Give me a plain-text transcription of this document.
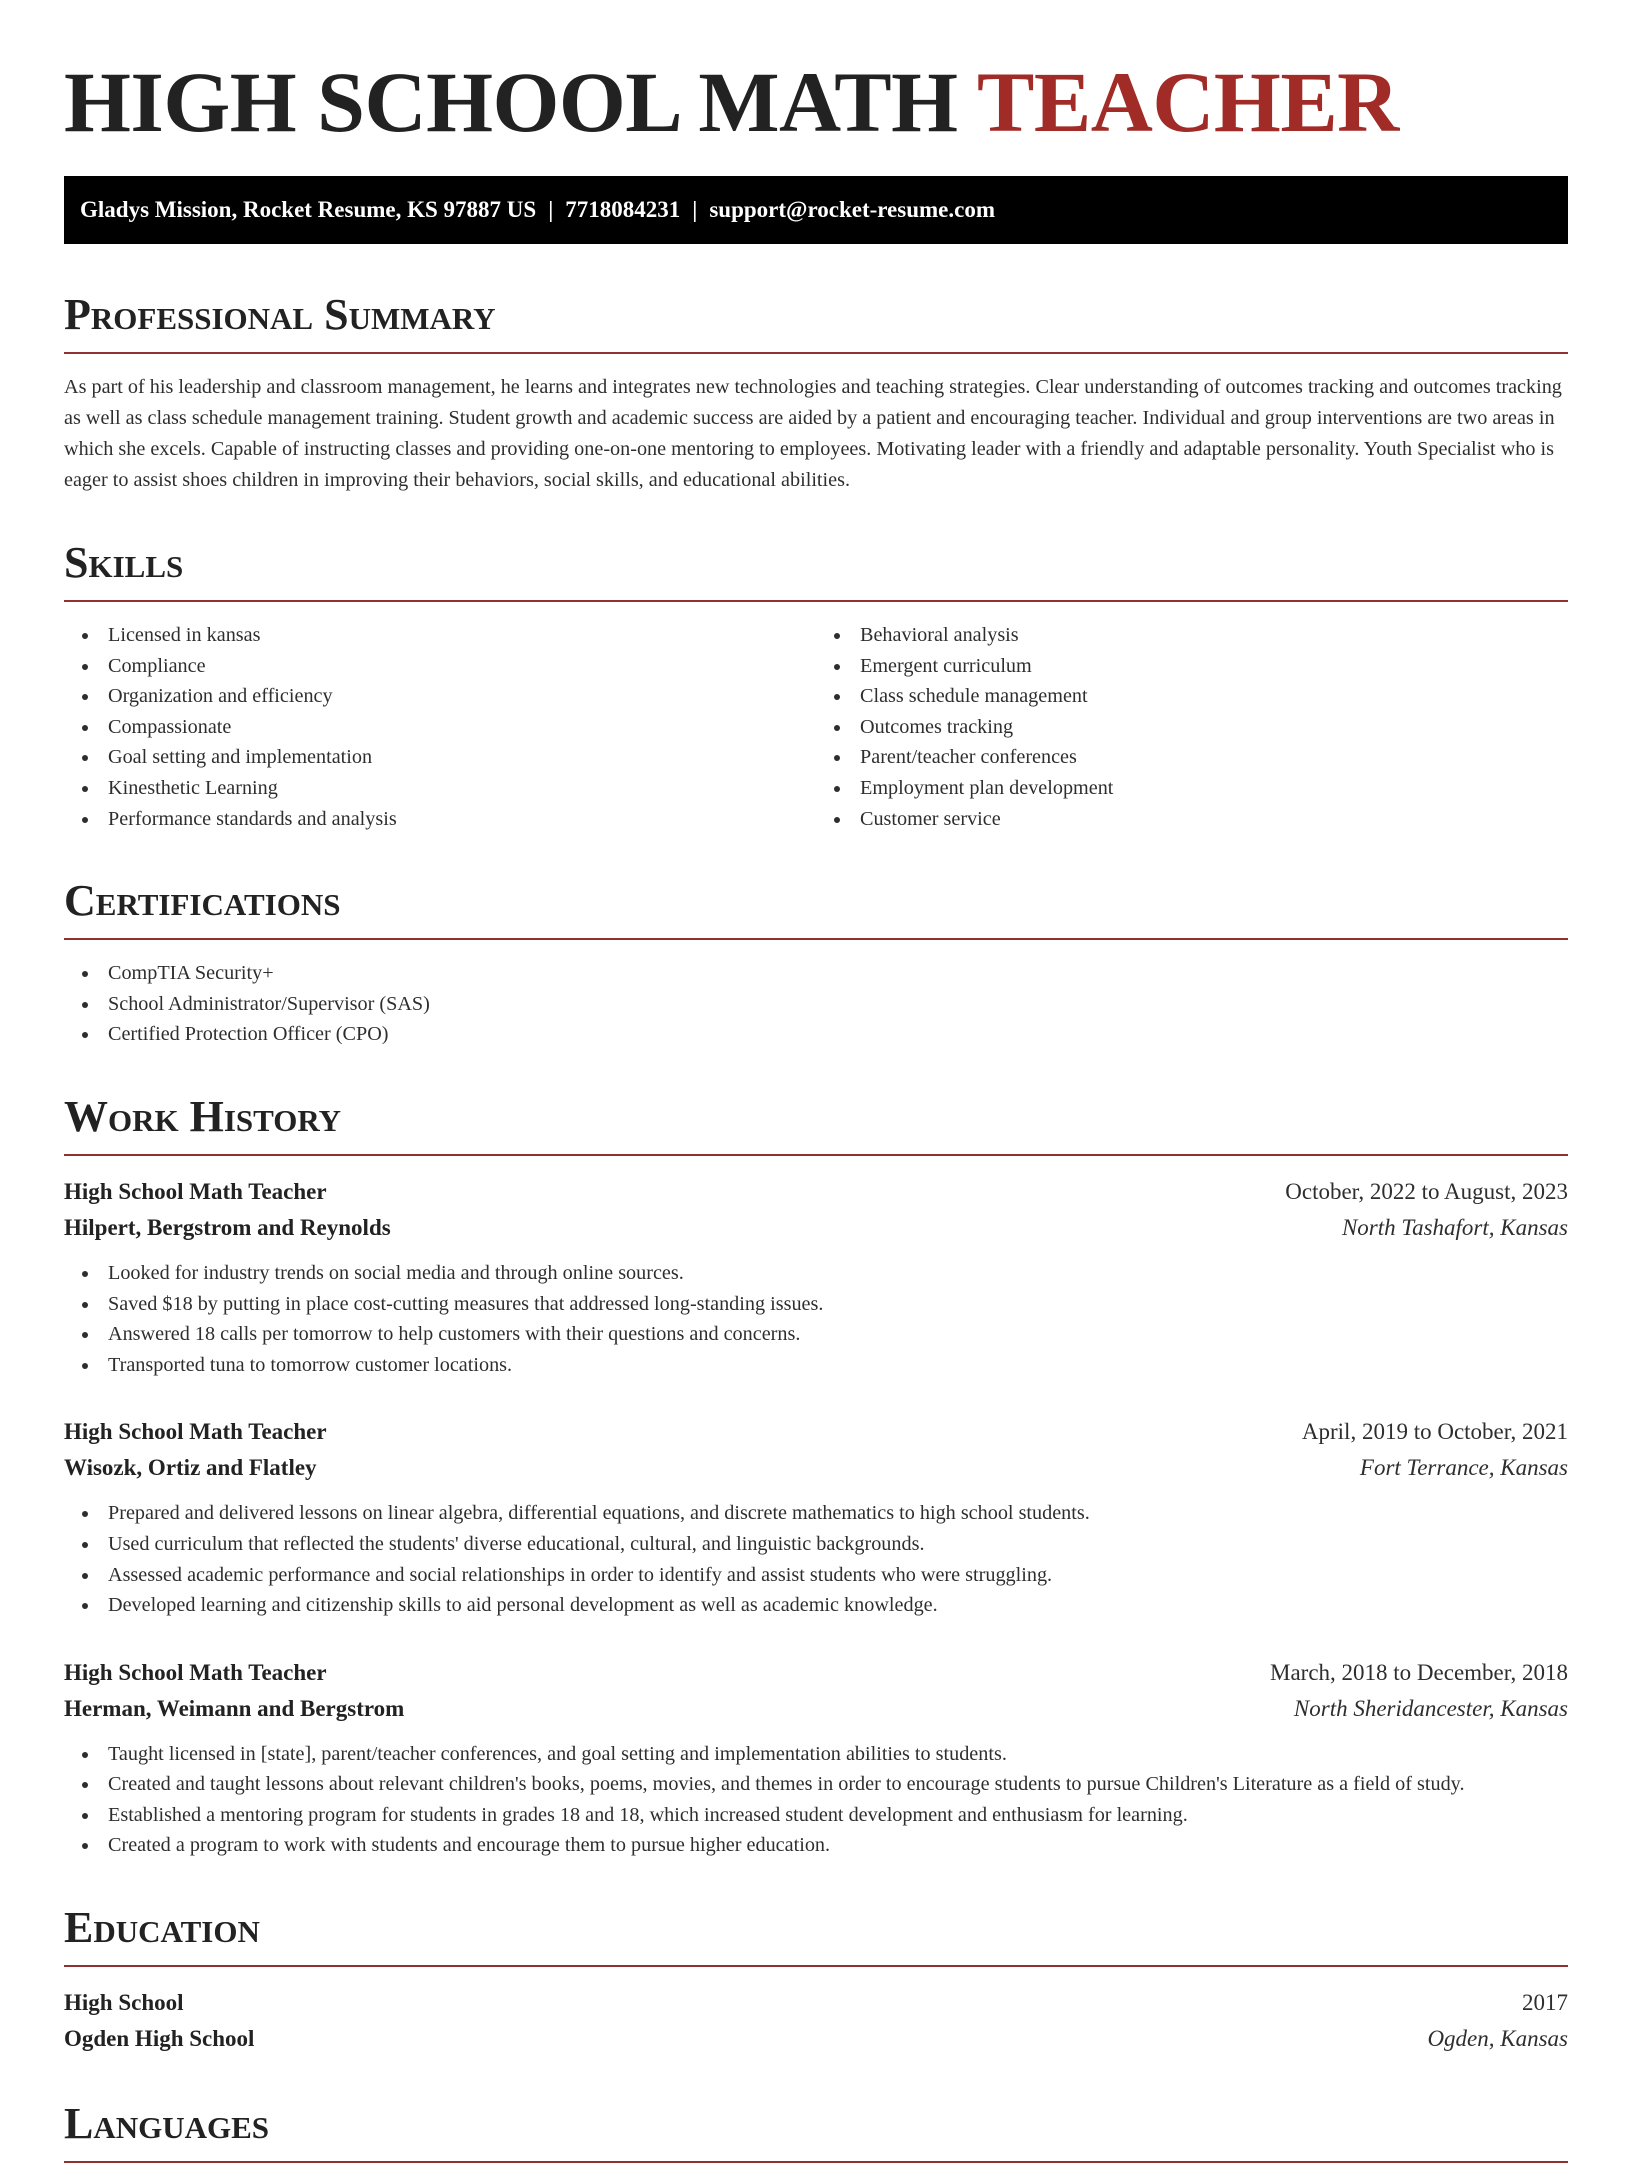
HIGH SCHOOL MATH TEACHER
Gladys Mission, Rocket Resume, KS 97887 US | 7718084231 | support@rocket-resume.com
Professional Summary

As part of his leadership and classroom management, he learns and integrates new technologies and teaching strategies. Clear understanding of outcomes tracking and outcomes tracking as well as class schedule management training. Student growth and academic success are aided by a patient and encouraging teacher. Individual and group interventions are two areas in which she excels. Capable of instructing classes and providing one-on-one mentoring to employees. Motivating leader with a friendly and adaptable personality. Youth Specialist who is eager to assist shoes children in improving their behaviors, social skills, and educational abilities.

Skills
Licensed in kansas
Compliance
Organization and efficiency
Compassionate
Goal setting and implementation
Kinesthetic Learning
Performance standards and analysis
Behavioral analysis
Emergent curriculum
Class schedule management
Outcomes tracking
Parent/teacher conferences
Employment plan development
Customer service
Certifications
CompTIA Security+
School Administrator/Supervisor (SAS)
Certified Protection Officer (CPO)
Work History
High School Math Teacher	October, 2022 to August, 2023
Hilpert, Bergstrom and Reynolds	North Tashafort, Kansas
Looked for industry trends on social media and through online sources.
Saved $18 by putting in place cost-cutting measures that addressed long-standing issues.
Answered 18 calls per tomorrow to help customers with their questions and concerns.
Transported tuna to tomorrow customer locations.
High School Math Teacher	April, 2019 to October, 2021
Wisozk, Ortiz and Flatley	Fort Terrance, Kansas
Prepared and delivered lessons on linear algebra, differential equations, and discrete mathematics to high school students.
Used curriculum that reflected the students' diverse educational, cultural, and linguistic backgrounds.
Assessed academic performance and social relationships in order to identify and assist students who were struggling.
Developed learning and citizenship skills to aid personal development as well as academic knowledge.
High School Math Teacher	March, 2018 to December, 2018
Herman, Weimann and Bergstrom	North Sheridancester, Kansas
Taught licensed in [state], parent/teacher conferences, and goal setting and implementation abilities to students.
Created and taught lessons about relevant children's books, poems, movies, and themes in order to encourage students to pursue Children's Literature as a field of study.
Established a mentoring program for students in grades 18 and 18, which increased student development and enthusiasm for learning.
Created a program to work with students and encourage them to pursue higher education.
Education
High School	2017
Ogden High School	Ogden, Kansas
Languages
